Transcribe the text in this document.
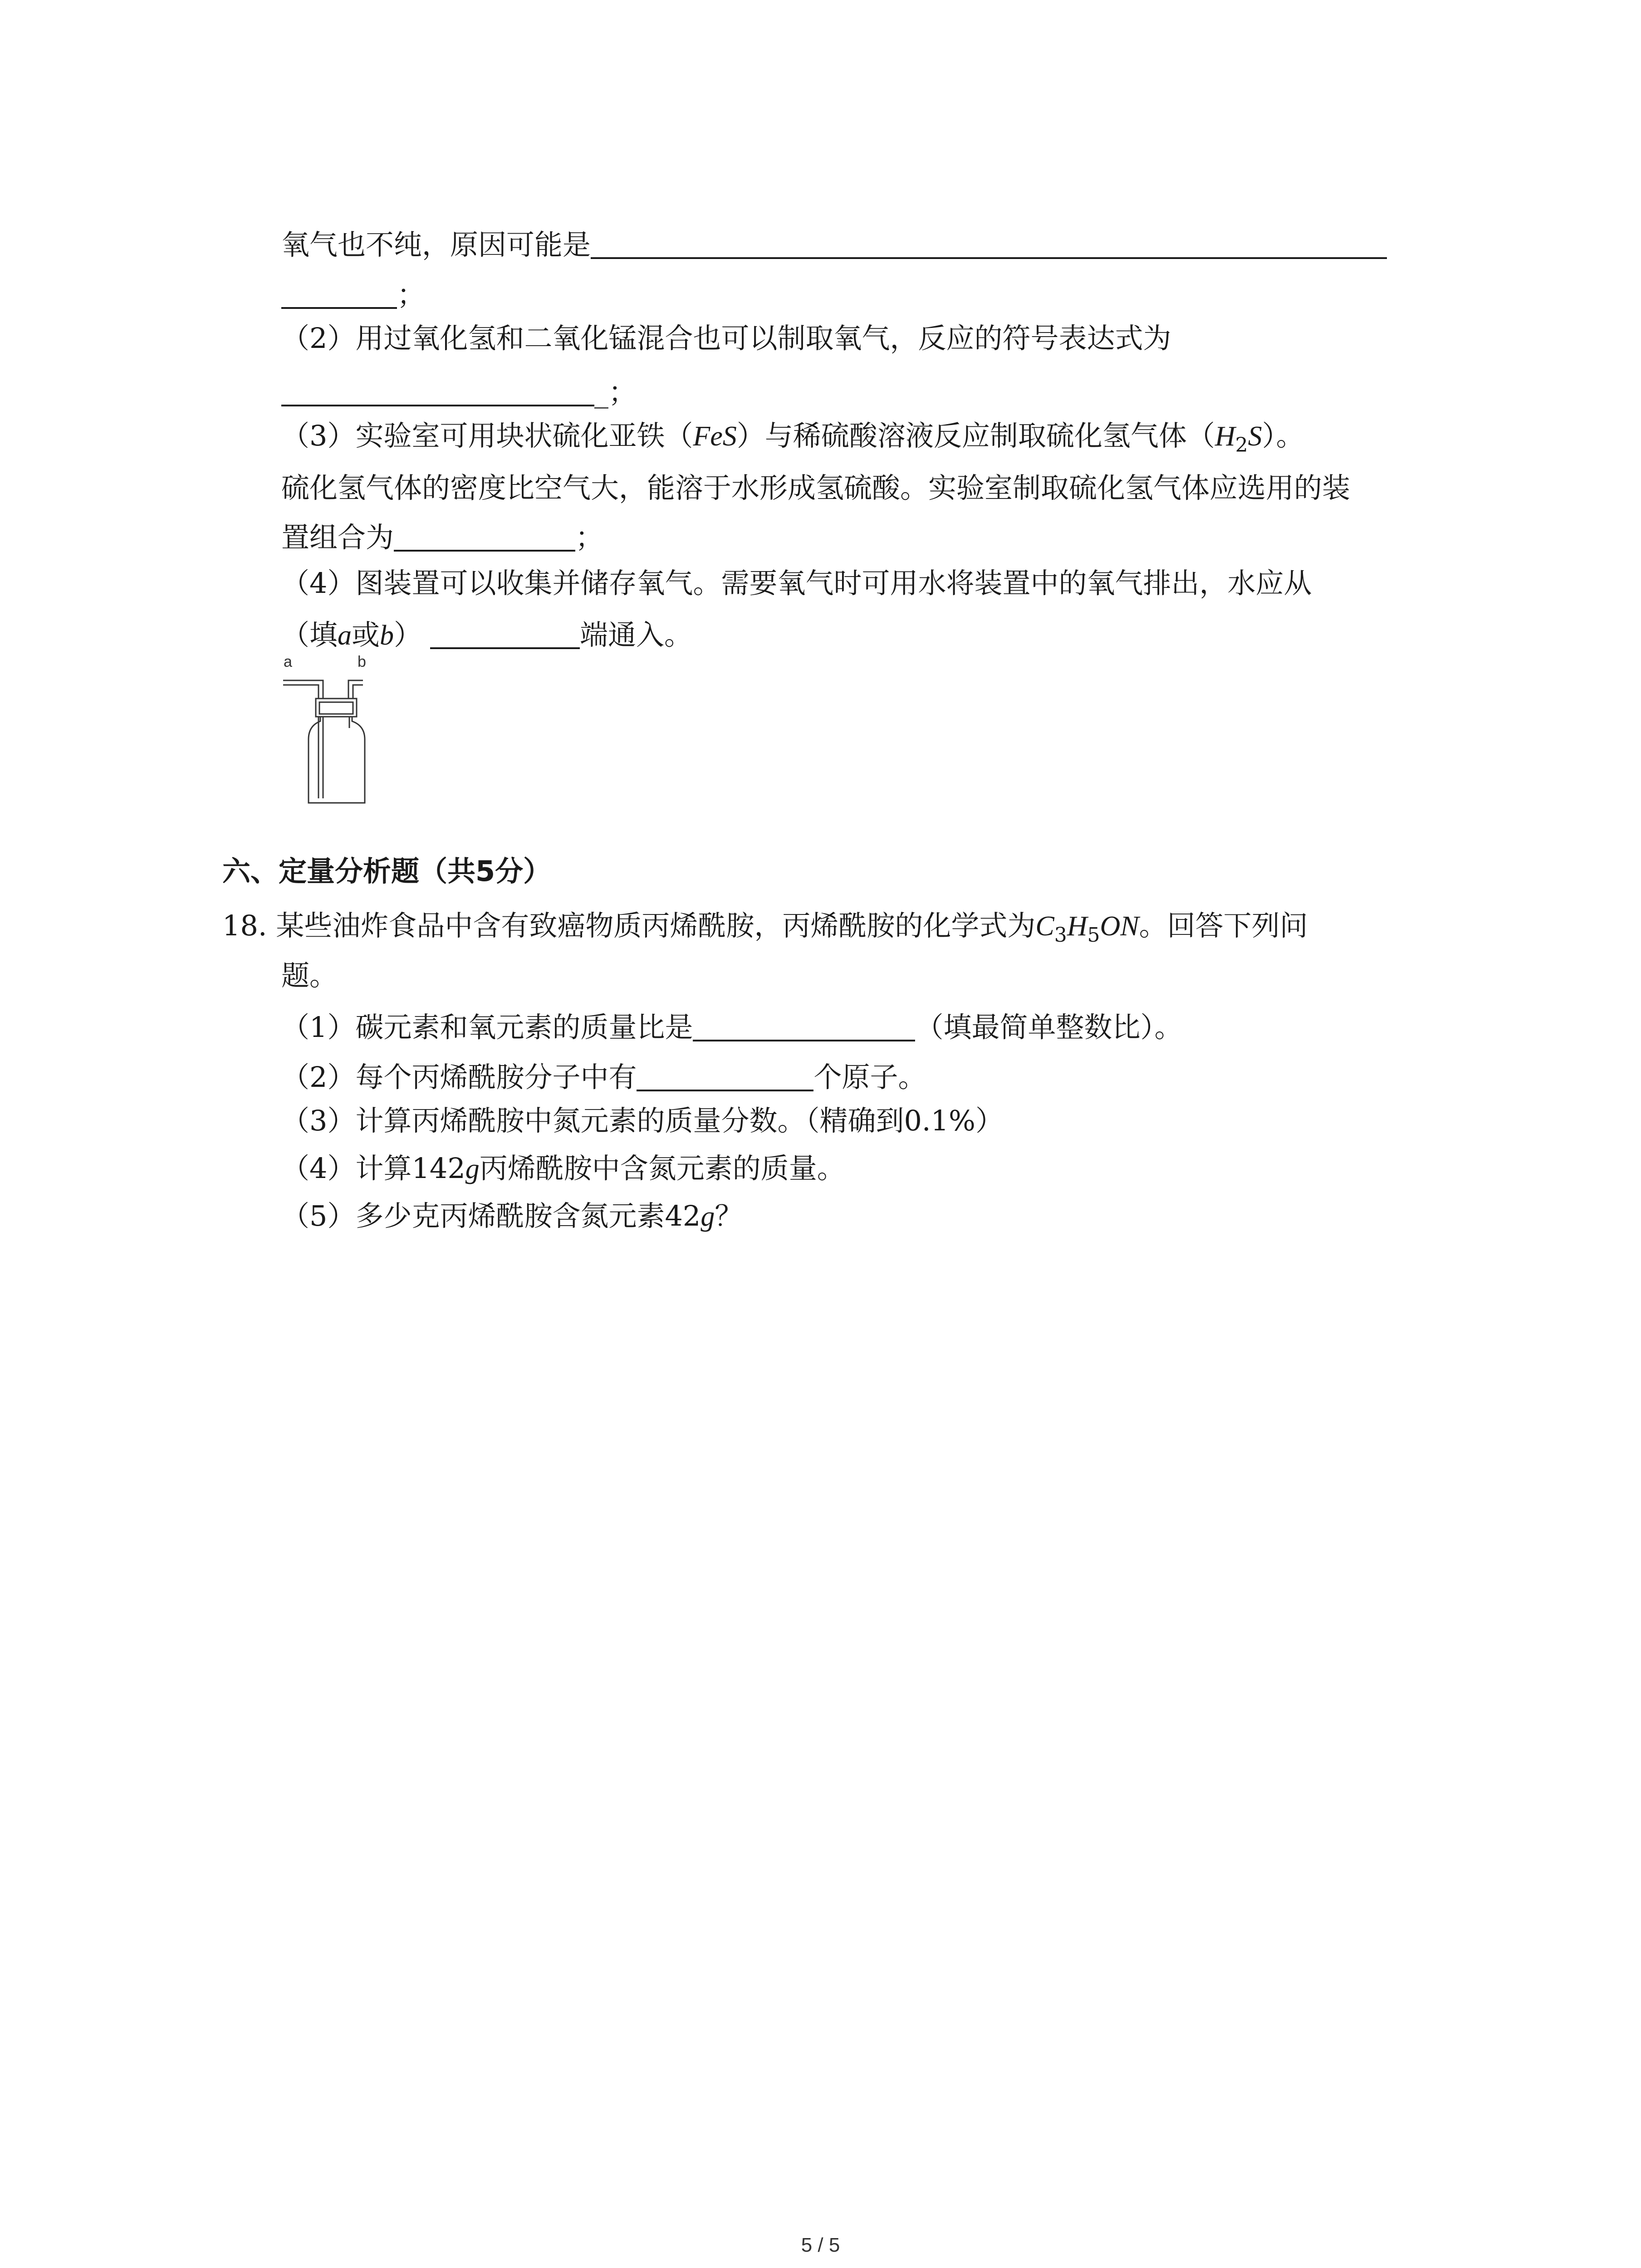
氧气也不纯，原因可能是
；
（2）用过氧化氢和二氧化锰混合也可以制取氧气，反应的符号表达式为
_；
（3）实验室可用块状硫化亚铁（FeS）与稀硫酸溶液反应制取硫化氢气体$(H_2S)$。
硫化氢气体的密度比空气大，能溶于水形成氢硫酸。实验室制取硫化氢气体应选用的装
置组合为	；
（4）图装置可以收集并储存氧气。需要氧气时可用水将装置中的氧气排出，水应从
（填a或b）	端通入。
a	b
六、定量分析题（共5分）
18. 某些油炸食品中含有致癌物质丙烯酰胺，丙烯酰胺的化学式为$C_3H_5ON$。回答下列问
题。
（1）碳元素和氧元素的质量比是	（填最简单整数比）。
（2）每个丙烯酰胺分子中有	个原子。
（3）计算丙烯酰胺中氮元素的质量分数。（精确到0.1%）
（4）计算142g丙烯酰胺中含氮元素的质量。
（5）多少克丙烯酰胺含氮元素42g？
5 / 5
